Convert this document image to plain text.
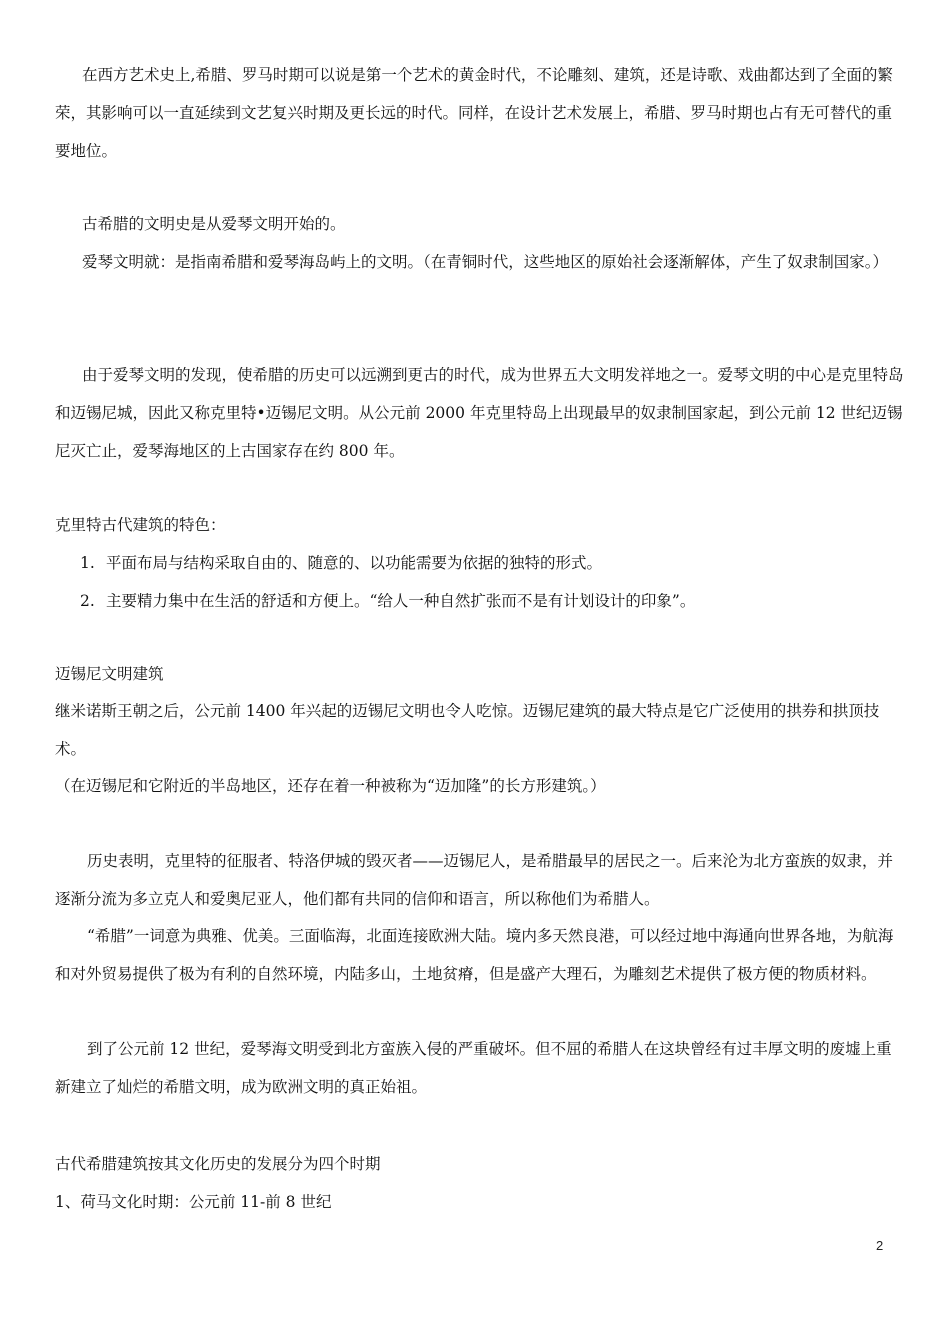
在西方艺术史上,希腊、罗马时期可以说是第一个艺术的黄金时代，不论雕刻、建筑，还是诗歌、戏曲都达到了全面的繁荣，其影响可以一直延续到文艺复兴时期及更长远的时代。同样，在设计艺术发展上，希腊、罗马时期也占有无可替代的重要地位。
古希腊的文明史是从爱琴文明开始的。
爱琴文明就：是指南希腊和爱琴海岛屿上的文明。（在青铜时代，这些地区的原始社会逐渐解体，产生了奴隶制国家。）
由于爱琴文明的发现，使希腊的历史可以远溯到更古的时代，成为世界五大文明发祥地之一。爱琴文明的中心是克里特岛和迈锡尼城，因此又称克里特•迈锡尼文明。从公元前 2000 年克里特岛上出现最早的奴隶制国家起，到公元前 12 世纪迈锡尼灭亡止，爱琴海地区的上古国家存在约 800 年。
克里特古代建筑的特色：
1. 平面布局与结构采取自由的、随意的、以功能需要为依据的独特的形式。
2. 主要精力集中在生活的舒适和方便上。“给人一种自然扩张而不是有计划设计的印象”。
迈锡尼文明建筑
继米诺斯王朝之后，公元前 1400 年兴起的迈锡尼文明也令人吃惊。迈锡尼建筑的最大特点是它广泛使用的拱券和拱顶技术。
（在迈锡尼和它附近的半岛地区，还存在着一种被称为“迈加隆”的长方形建筑。）
历史表明，克里特的征服者、特洛伊城的毁灭者——迈锡尼人，是希腊最早的居民之一。后来沦为北方蛮族的奴隶，并逐渐分流为多立克人和爱奥尼亚人，他们都有共同的信仰和语言，所以称他们为希腊人。
“希腊”一词意为典雅、优美。三面临海，北面连接欧洲大陆。境内多天然良港，可以经过地中海通向世界各地，为航海和对外贸易提供了极为有利的自然环境，内陆多山，土地贫瘠，但是盛产大理石，为雕刻艺术提供了极方便的物质材料。
到了公元前 12 世纪，爱琴海文明受到北方蛮族入侵的严重破坏。但不屈的希腊人在这块曾经有过丰厚文明的废墟上重新建立了灿烂的希腊文明，成为欧洲文明的真正始祖。
古代希腊建筑按其文化历史的发展分为四个时期
1、荷马文化时期：公元前 11-前 8 世纪
2
